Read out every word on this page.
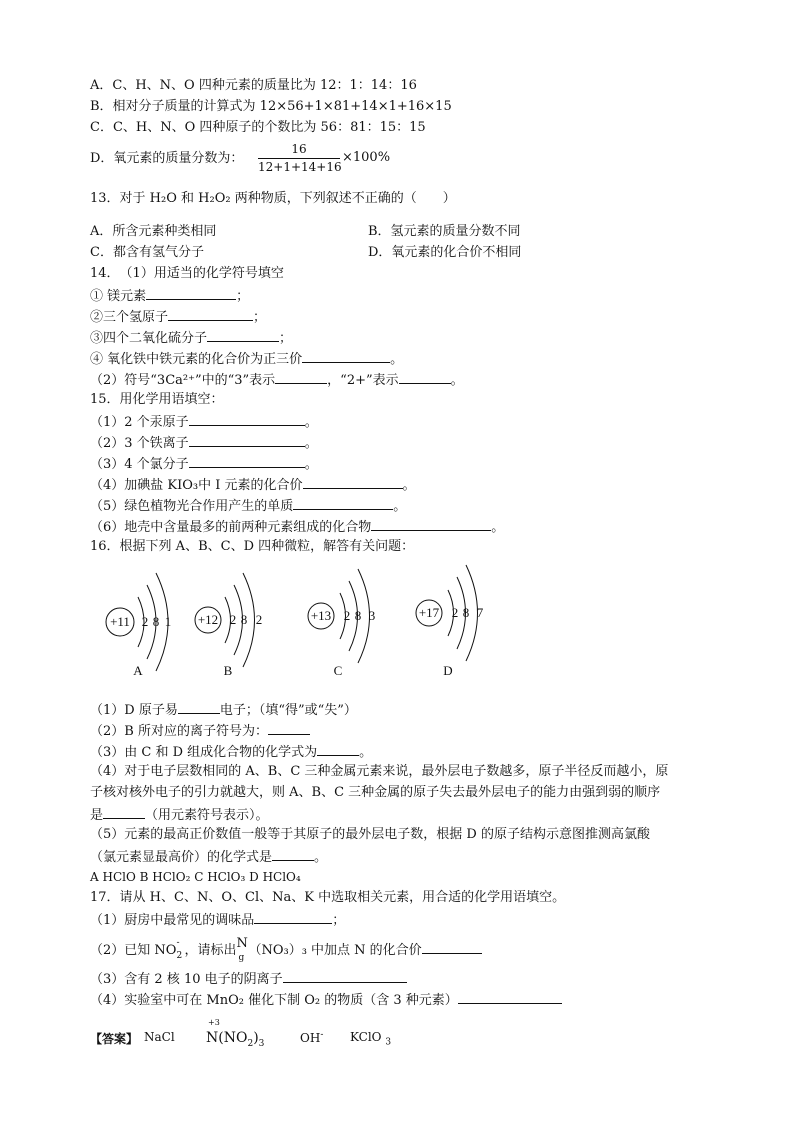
A．C、H、N、O 四种元素的质量比为 12：1：14：16
B．相对分子质量的计算式为 12×56+1×81+14×1+16×15
C．C、H、N、O 四种原子的个数比为 56：81：15：15
D．氧元素的质量分数为：
16
12+1+14+16
×100%
13．对于 H₂O 和 H₂O₂ 两种物质，下列叙述不正确的（　　）
A．所含元素种类相同	B．氢元素的质量分数不同
C．都含有氢气分子	D．氧元素的化合价不相同
14．　（1）用适当的化学符号填空
① 镁元素	；
②三个氢原子	；
③四个二氧化硫分子	；
④ 氧化铁中铁元素的化合价为正三价	。
（2）符号“3Ca²⁺”中的“3”表示	，“2+”表示	。
15．用化学用语填空：
（1）2 个汞原子	。
（2）3 个铁离子	。
（3）4 个氯分子	。
（4）加碘盐 KIO₃中 I 元素的化合价	。
（5）绿色植物光合作用产生的单质	。
（6）地壳中含量最多的前两种元素组成的化合物	。
16．根据下列 A、B、C、D 四种微粒，解答有关问题：
+11 2 8 1
A
+12 2 8 2
B
+13 2 8 3
C
+17 2 8 7
D
（1）D 原子易	电子；（填“得”或“失”）
（2）B 所对应的离子符号为：
（3）由 C 和 D 组成化合物的化学式为	。
（4）对于电子层数相同的 A、B、C 三种金属元素来说，最外层电子数越多，原子半径反而越小，原
子核对核外电子的引力就越大，则 A、B、C 三种金属的原子失去最外层电子的能力由强到弱的顺序
是	（用元素符号表示）。
（5）元素的最高正价数值一般等于其原子的最外层电子数，根据 D 的原子结构示意图推测高氯酸
（氯元素显最高价）的化学式是	。
A HClO B HClO₂ C HClO₃ D HClO₄
17．请从 H、C、N、O、Cl、Na、K 中选取相关元素，用合适的化学用语填空。
（1）厨房中最常见的调味品	；
（2）已知 NO -
2 ，请标出 N
g （NO₃）₃ 中加点 N 的化合价
（3）含有 2 核 10 电子的阴离子
（4）实验室中可在 MnO₂ 催化下制 O₂ 的物质（含 3 种元素）
【答案】 NaCl
+3
$N(NO_2)_3$	OH- KClO $_3$
